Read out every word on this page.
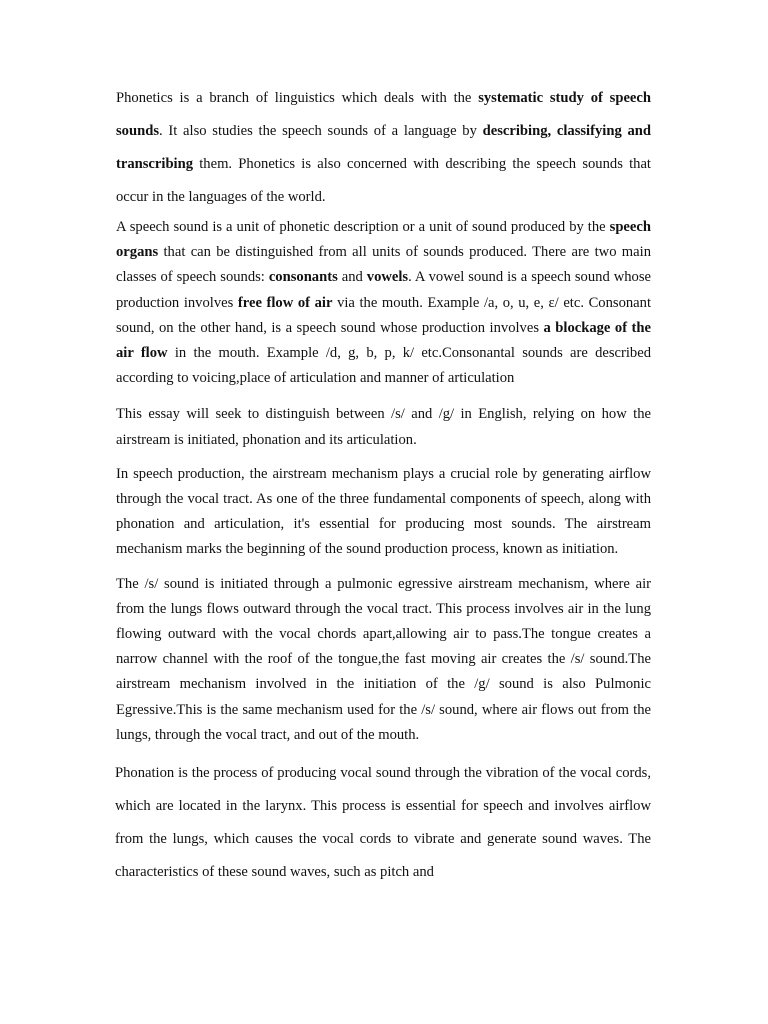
Phonetics is a branch of linguistics which deals with the systematic study of speech sounds. It also studies the speech sounds of a language by describing, classifying and transcribing them. Phonetics is also concerned with describing the speech sounds that occur in the languages of the world.

A speech sound is a unit of phonetic description or a unit of sound produced by the speech organs that can be distinguished from all units of sounds produced. There are two main classes of speech sounds: consonants and vowels. A vowel sound is a speech sound whose production involves free flow of air via the mouth. Example /a, o, u, e, ɛ/ etc. Consonant sound, on the other hand, is a speech sound whose production involves a blockage of the air flow in the mouth. Example /d, g, b, p, k/ etc.Consonantal sounds are described according to voicing,place of articulation and manner of articulation

This essay will seek to distinguish between /s/ and /g/ in English, relying on how the airstream is initiated, phonation and its articulation.

In speech production, the airstream mechanism plays a crucial role by generating airflow through the vocal tract. As one of the three fundamental components of speech, along with phonation and articulation, it's essential for producing most sounds. The airstream mechanism marks the beginning of the sound production process, known as initiation.

The /s/ sound is initiated through a pulmonic egressive airstream mechanism, where air from the lungs flows outward through the vocal tract. This process involves air in the lung flowing outward with the vocal chords apart,allowing air to pass.The tongue creates a narrow channel with the roof of the tongue,the fast moving air creates the /s/ sound.The airstream mechanism involved in the initiation of the /g/ sound is also Pulmonic Egressive.This is the same mechanism used for the /s/ sound, where air flows out from the lungs, through the vocal tract, and out of the mouth.

Phonation is the process of producing vocal sound through the vibration of the vocal cords, which are located in the larynx. This process is essential for speech and involves airflow from the lungs, which causes the vocal cords to vibrate and generate sound waves. The characteristics of these sound waves, such as pitch and
